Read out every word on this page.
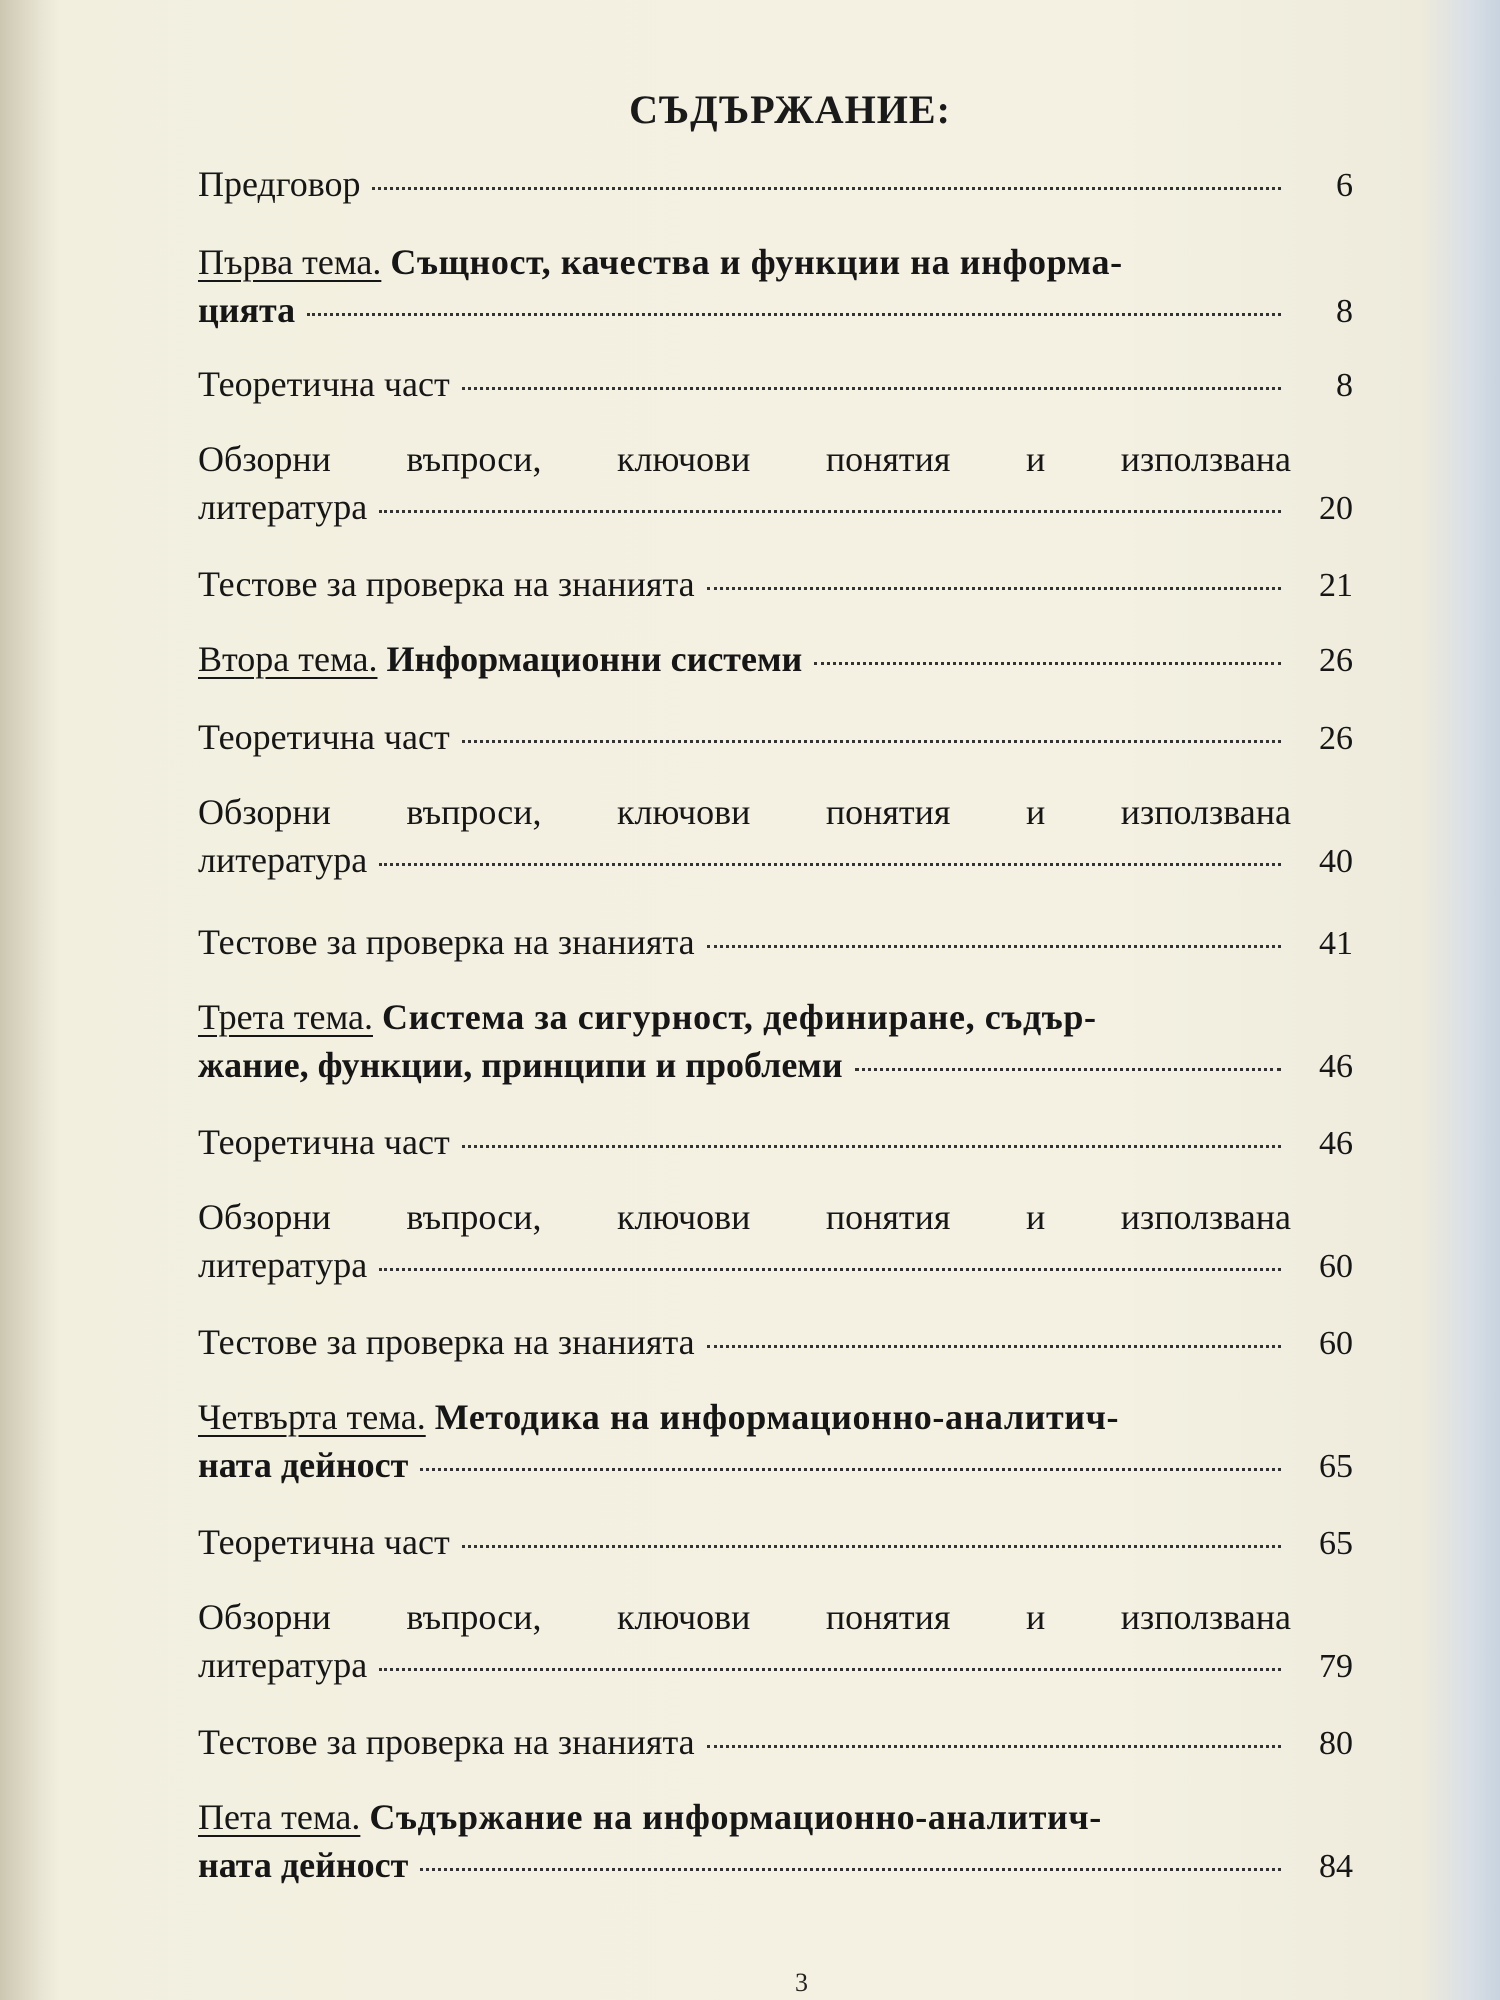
СЪДЪРЖАНИЕ:
Предговор	6
Първа тема.
Същност, качества и функции на информа-
цията	8
Теоретична част	8
Обзорни въпроси, ключови понятия и използвана
литература	20
Тестове за проверка на знанията	21
Втора тема.
Информационни системи	26
Теоретична част	26
Обзорни въпроси, ключови понятия и използвана
литература	40
Тестове за проверка на знанията	41
Трета тема.
Система за сигурност, дефиниране, съдър-
жание, функции, принципи и проблеми	46
Теоретична част	46
Обзорни въпроси, ключови понятия и използвана
литература	60
Тестове за проверка на знанията	60
Четвърта тема.
Методика на информационно-аналитич-
ната дейност	65
Теоретична част	65
Обзорни въпроси, ключови понятия и използвана
литература	79
Тестове за проверка на знанията	80
Пета тема.
Съдържание на информационно-аналитич-
ната дейност	84
3
